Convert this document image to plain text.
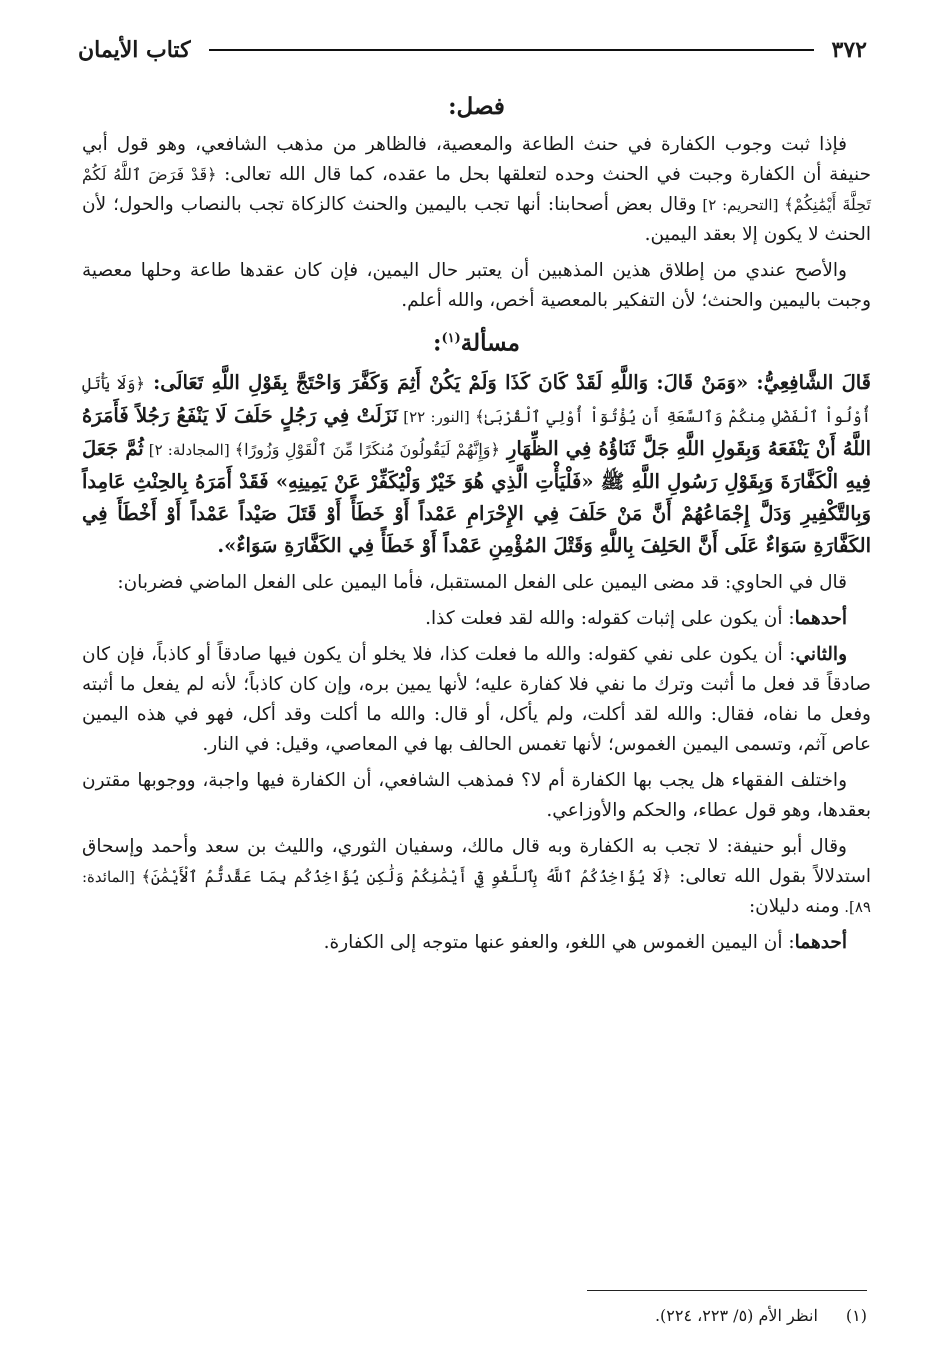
٣٧٢
كتاب الأيمان
فصل:

فإذا ثبت وجوب الكفارة في حنث الطاعة والمعصية، فالظاهر من مذهب الشافعي، وهو قول أبي حنيفة أن الكفارة وجبت في الحنث وحده لتعلقها بحل ما عقده، كما قال الله تعالى: ﴿قَدْ فَرَضَ ٱللَّهُ لَكُمْ تَحِلَّةَ أَيْمَٰنِكُمْ﴾ [التحريم: ٢] وقال بعض أصحابنا: أنها تجب باليمين والحنث كالزكاة تجب بالنصاب والحول؛ لأن الحنث لا يكون إلا بعقد اليمين.

والأصح عندي من إطلاق هذين المذهبين أن يعتبر حال اليمين، فإن كان عقدها طاعة وحلها معصية وجبت باليمين والحنث؛ لأن التفكير بالمعصية أخص، والله أعلم.

مسألة$^{(١)}$:

قَالَ الشَّافِعِيُّ: «وَمَنْ قَالَ: وَاللَّهِ لَقَدْ كَانَ كَذَا وَلَمْ يَكُنْ أَثِمَ وَكَفَّرَ وَاحْتَجَّ بِقَوْلِ اللَّهِ تَعَالَى: ﴿وَلَا يَأْتَلِ أُوْلُواْ ٱلْفَضْلِ مِنكُمْ وَٱلسَّعَةِ أَن يُؤْتُوٓاْ أُوْلِي ٱلْقُرْبَىٰ﴾ [النور: ٢٢] نَزَلَتْ فِي رَجُلٍ حَلَفَ لَا يَنْفَعُ رَجُلاً فَأَمَرَهُ اللَّهُ أَنْ يَنْفَعَهُ وَبِقَولِ اللَّهِ جَلَّ ثَنَاؤُهُ فِي الظِّهَارِ ﴿وَإِنَّهُمْ لَيَقُولُونَ مُنكَرًا مِّنَ ٱلْقَوْلِ وَزُورًا﴾ [المجادلة: ٢] ثُمَّ جَعَلَ فِيهِ الْكَفَّارَةَ وَبِقَوْلِ رَسُولِ اللَّهِ ﷺ «فَلْيَأْتِ الَّذِي هُوَ خَيْرٌ وَلْيُكَفِّرْ عَنْ يَمِينِهِ» فَقَدْ أَمَرَهُ بِالحِنْثِ عَامِداً وَبِالتَّكْفِيرِ وَدَلَّ إِجْمَاعُهُمْ أَنَّ مَنْ حَلَفَ فِي الإِحْرَامِ عَمْداً أَوْ خَطَأً أَوْ قَتَلَ صَيْداً عَمْداً أَوْ أَخْطَأَ فِي الكَفَّارَةِ سَوَاءٌ عَلَى أَنَّ الحَلِفَ بِاللَّهِ وَقَتْلَ المُؤْمِنِ عَمْداً أَوْ خَطَأً فِي الكَفَّارَةِ سَوَاءٌ».

قال في الحاوي: قد مضى اليمين على الفعل المستقبل، فأما اليمين على الفعل الماضي فضربان:

أحدهما: أن يكون على إثبات كقوله: والله لقد فعلت كذا.

والثاني: أن يكون على نفي كقوله: والله ما فعلت كذا، فلا يخلو أن يكون فيها صادقاً أو كاذباً، فإن كان صادقاً قد فعل ما أثبت وترك ما نفي فلا كفارة عليه؛ لأنها يمين بره، وإن كان كاذباً؛ لأنه لم يفعل ما أثبته وفعل ما نفاه، فقال: والله لقد أكلت، ولم يأكل، أو قال: والله ما أكلت وقد أكل، فهو في هذه اليمين عاص آثم، وتسمى اليمين الغموس؛ لأنها تغمس الحالف بها في المعاصي، وقيل: في النار.

واختلف الفقهاء هل يجب بها الكفارة أم لا؟ فمذهب الشافعي، أن الكفارة فيها واجبة، ووجوبها مقترن بعقدها، وهو قول عطاء، والحكم والأوزاعي.

وقال أبو حنيفة: لا تجب به الكفارة وبه قال مالك، وسفيان الثوري، والليث بن سعد وأحمد وإسحاق استدلالاً بقول الله تعالى: ﴿لَا يُؤَاخِذُكُمُ ٱللَّهُ بِٱللَّغْوِ فِيٓ أَيْمَٰنِكُمْ وَلَٰكِن يُؤَاخِذُكُم بِمَا عَقَّدتُّمُ ٱلْأَيْمَٰنَ﴾ [المائدة: ٨٩]. ومنه دليلان:

أحدهما: أن اليمين الغموس هي اللغو، والعفو عنها متوجه إلى الكفارة.

(١)انظر الأم (٥/ ٢٢٣، ٢٢٤).
